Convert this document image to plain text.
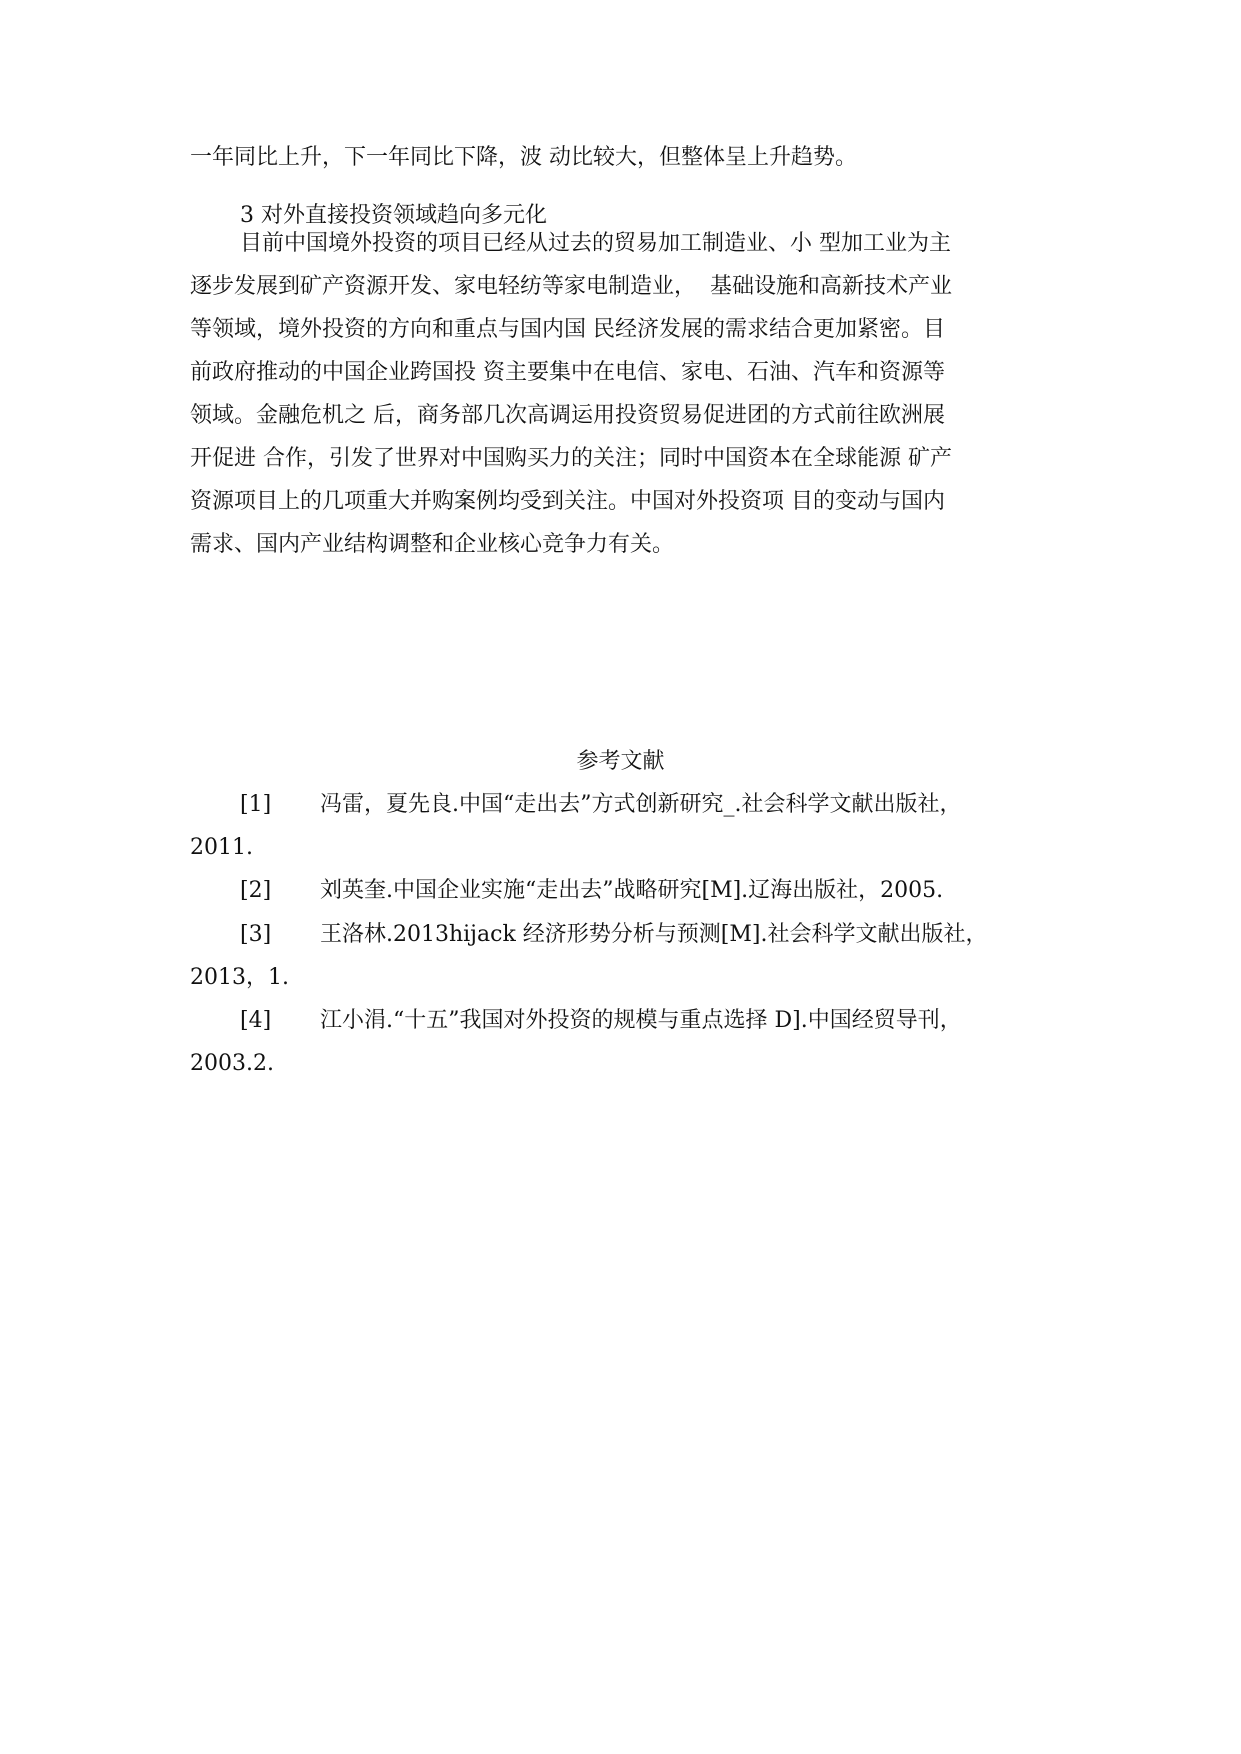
一年同比上升，下一年同比下降，波 动比较大，但整体呈上升趋势。
3 对外直接投资领域趋向多元化
目前中国境外投资的项目已经从过去的贸易加工制造业、小 型加工业为主
逐步发展到矿产资源开发、家电轻纺等家电制造业，  基础设施和高新技术产业
等领域，境外投资的方向和重点与国内国 民经济发展的需求结合更加紧密。目
前政府推动的中国企业跨国投 资主要集中在电信、家电、石油、汽车和资源等
领域。金融危机之 后，商务部几次高调运用投资贸易促进团的方式前往欧洲展
开促进 合作，引发了世界对中国购买力的关注；同时中国资本在全球能源 矿产
资源项目上的几项重大并购案例均受到关注。中国对外投资项 目的变动与国内
需求、国内产业结构调整和企业核心竞争力有关。
参考文献
[1] 冯雷，夏先良.中国“走出去”方式创新研究_.社会科学文献出版社，
2011.
[2] 刘英奎.中国企业实施“走出去”战略研究[M].辽海出版社，2005.
[3] 王洛林.2013hijack 经济形势分析与预测[M].社会科学文献出版社，
2013，1.
[4] 江小涓.“十五”我国对外投资的规模与重点选择 D].中国经贸导刊，
2003.2.
